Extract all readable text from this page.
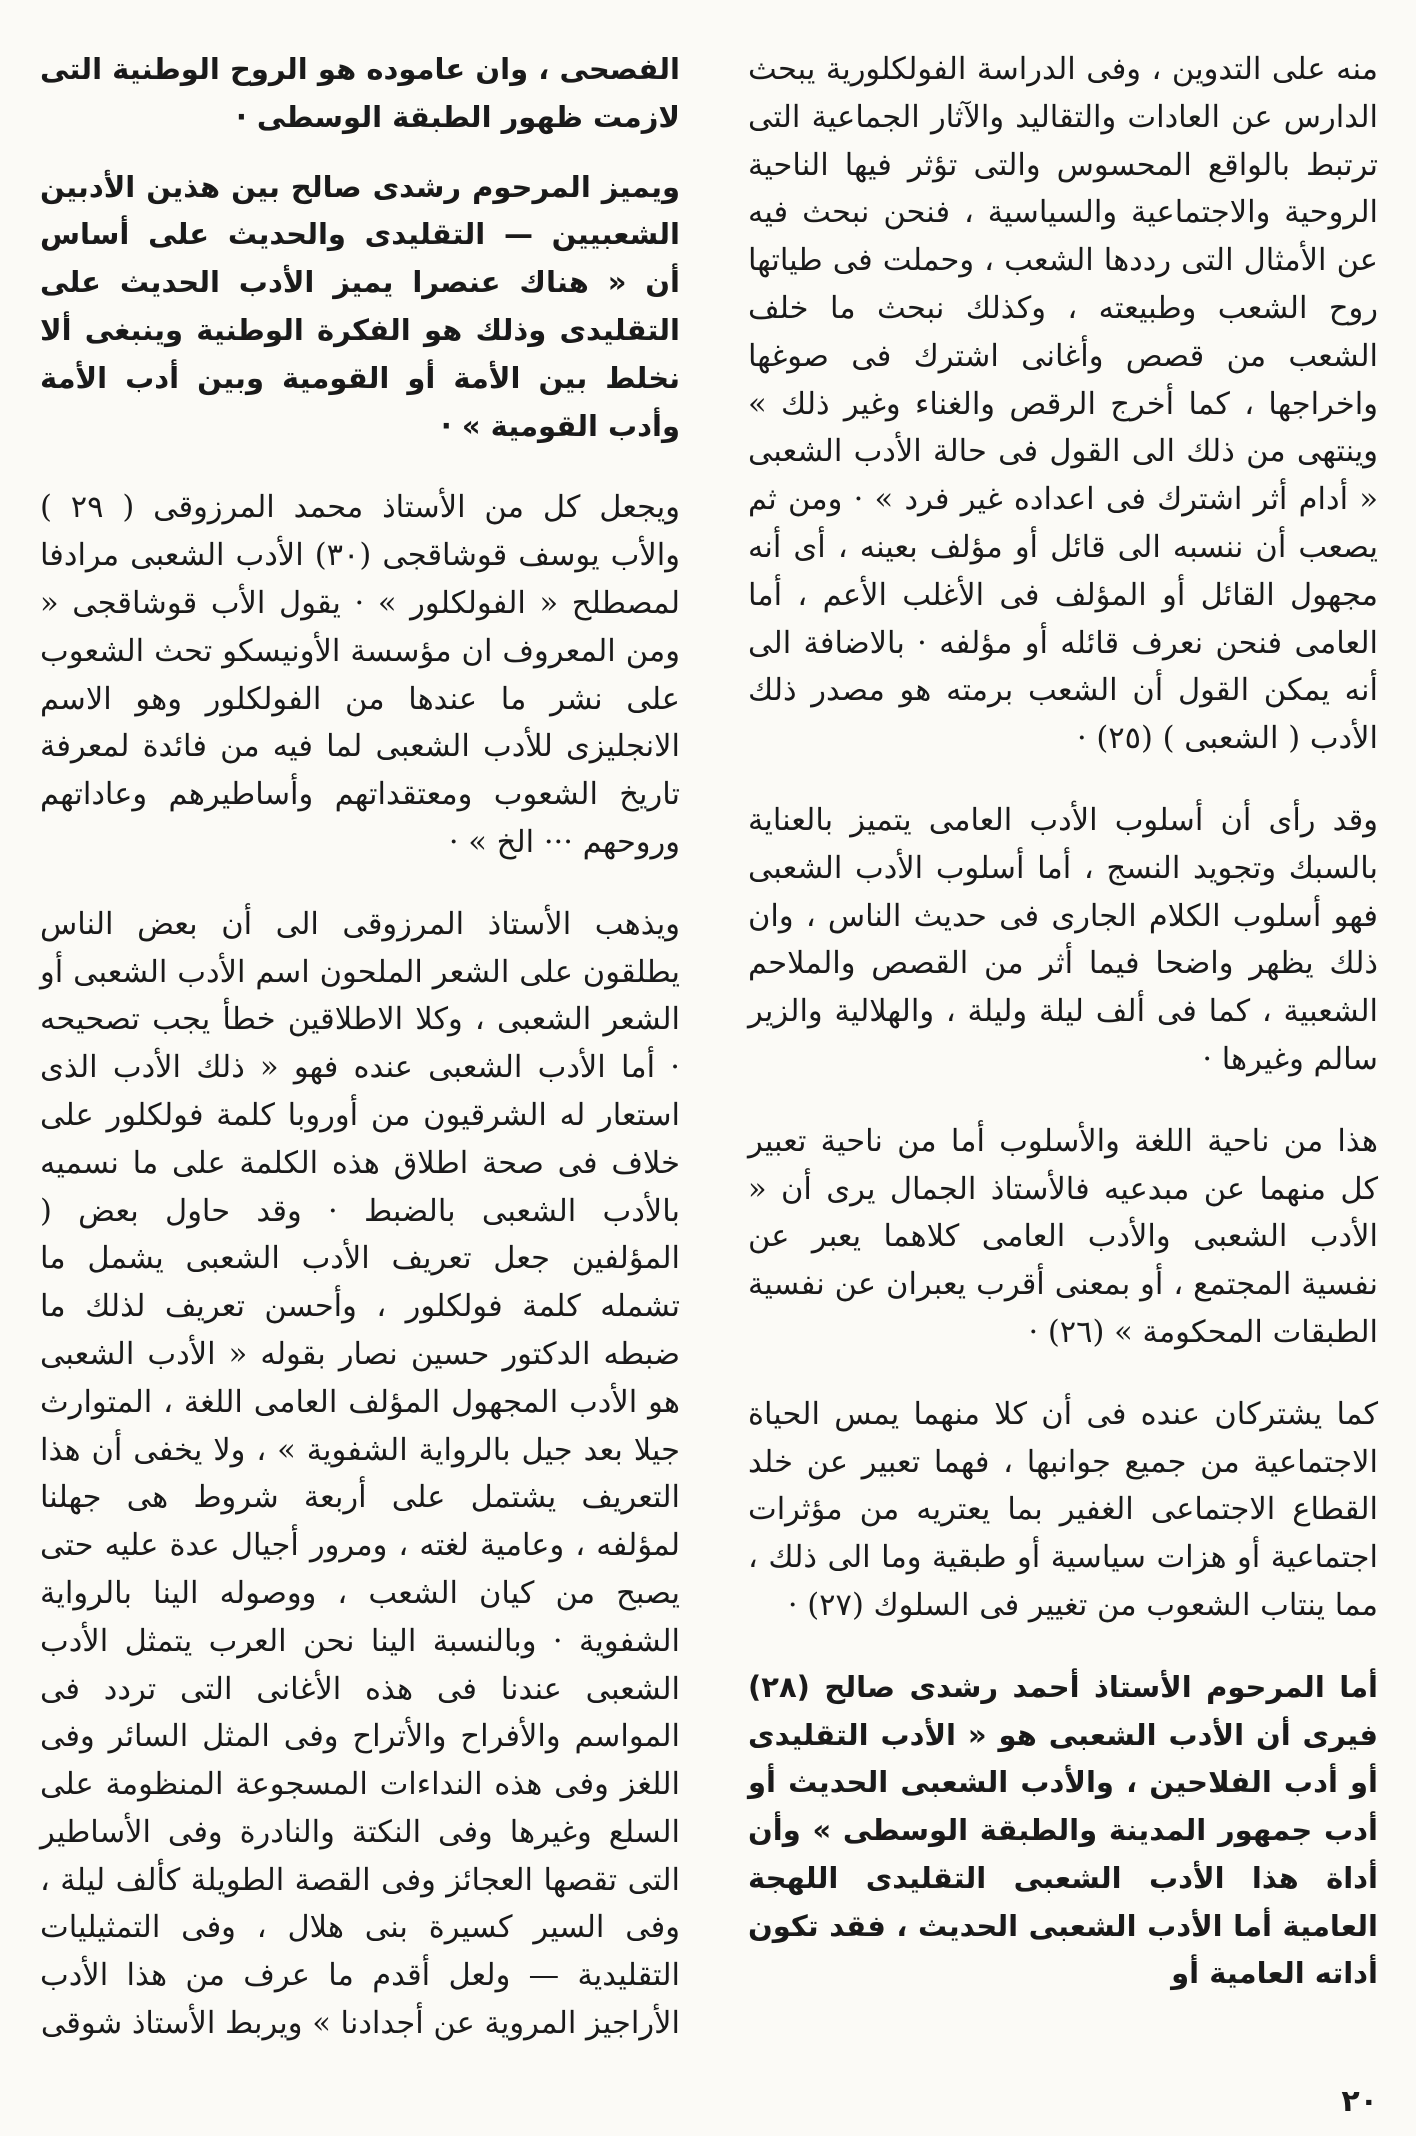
منه على التدوين ، وفى الدراسة الفولكلورية يبحث الدارس عن العادات والتقاليد والآثار الجماعية التى ترتبط بالواقع المحسوس والتى تؤثر فيها الناحية الروحية والاجتماعية والسياسية ، فنحن نبحث فيه عن الأمثال التى رددها الشعب ، وحملت فى طياتها روح الشعب وطبيعته ، وكذلك نبحث ما خلف الشعب من قصص وأغانى اشترك فى صوغها واخراجها ، كما أخرج الرقص والغناء وغير ذلك » وينتهى من ذلك الى القول فى حالة الأدب الشعبى « أدام أثر اشترك فى اعداده غير فرد » · ومن ثم يصعب أن ننسبه الى قائل أو مؤلف بعينه ، أى أنه مجهول القائل أو المؤلف فى الأغلب الأعم ، أما العامى فنحن نعرف قائله أو مؤلفه · بالاضافة الى أنه يمكن القول أن الشعب برمته هو مصدر ذلك الأدب ( الشعبى ) (٢٥) ·

وقد رأى أن أسلوب الأدب العامى يتميز بالعناية بالسبك وتجويد النسج ، أما أسلوب الأدب الشعبى فهو أسلوب الكلام الجارى فى حديث الناس ، وان ذلك يظهر واضحا فيما أثر من القصص والملاحم الشعبية ، كما فى ألف ليلة وليلة ، والهلالية والزير سالم وغيرها ·

هذا من ناحية اللغة والأسلوب أما من ناحية تعبير كل منهما عن مبدعيه فالأستاذ الجمال يرى أن « الأدب الشعبى والأدب العامى كلاهما يعبر عن نفسية المجتمع ، أو بمعنى أقرب يعبران عن نفسية الطبقات المحكومة » (٢٦) ·

كما يشتركان عنده فى أن كلا منهما يمس الحياة الاجتماعية من جميع جوانبها ، فهما تعبير عن خلد القطاع الاجتماعى الغفير بما يعتريه من مؤثرات اجتماعية أو هزات سياسية أو طبقية وما الى ذلك ، مما ينتاب الشعوب من تغيير فى السلوك (٢٧) ·

أما المرحوم الأستاذ أحمد رشدى صالح (٢٨) فيرى أن الأدب الشعبى هو « الأدب التقليدى أو أدب الفلاحين ، والأدب الشعبى الحديث أو أدب جمهور المدينة والطبقة الوسطى » وأن أداة هذا الأدب الشعبى التقليدى اللهجة العامية أما الأدب الشعبى الحديث ، فقد تكون أداته العامية أو

الفصحى ، وان عاموده هو الروح الوطنية التى لازمت ظهور الطبقة الوسطى ·

ويميز المرحوم رشدى صالح بين هذين الأدبين الشعبيين — التقليدى والحديث على أساس أن « هناك عنصرا يميز الأدب الحديث على التقليدى وذلك هو الفكرة الوطنية وينبغى ألا نخلط بين الأمة أو القومية وبين أدب الأمة وأدب القومية » ·

ويجعل كل من الأستاذ محمد المرزوقى ( ٢٩ ) والأب يوسف قوشاقجى (٣٠) الأدب الشعبى مرادفا لمصطلح « الفولكلور » · يقول الأب قوشاقجى « ومن المعروف ان مؤسسة الأونيسكو تحث الشعوب على نشر ما عندها من الفولكلور وهو الاسم الانجليزى للأدب الشعبى لما فيه من فائدة لمعرفة تاريخ الشعوب ومعتقداتهم وأساطيرهم وعاداتهم وروحهم ··· الخ » ·

ويذهب الأستاذ المرزوقى الى أن بعض الناس يطلقون على الشعر الملحون اسم الأدب الشعبى أو الشعر الشعبى ، وكلا الاطلاقين خطأ يجب تصحيحه · أما الأدب الشعبى عنده فهو « ذلك الأدب الذى استعار له الشرقيون من أوروبا كلمة فولكلور على خلاف فى صحة اطلاق هذه الكلمة على ما نسميه بالأدب الشعبى بالضبط · وقد حاول بعض ( المؤلفين جعل تعريف الأدب الشعبى يشمل ما تشمله كلمة فولكلور ، وأحسن تعريف لذلك ما ضبطه الدكتور حسين نصار بقوله « الأدب الشعبى هو الأدب المجهول المؤلف العامى اللغة ، المتوارث جيلا بعد جيل بالرواية الشفوية » ، ولا يخفى أن هذا التعريف يشتمل على أربعة شروط هى جهلنا لمؤلفه ، وعامية لغته ، ومرور أجيال عدة عليه حتى يصبح من كيان الشعب ، ووصوله الينا بالرواية الشفوية · وبالنسبة الينا نحن العرب يتمثل الأدب الشعبى عندنا فى هذه الأغانى التى تردد فى المواسم والأفراح والأتراح وفى المثل السائر وفى اللغز وفى هذه النداءات المسجوعة المنظومة على السلع وغيرها وفى النكتة والنادرة وفى الأساطير التى تقصها العجائز وفى القصة الطويلة كألف ليلة ، وفى السير كسيرة بنى هلال ، وفى التمثيليات التقليدية — ولعل أقدم ما عرف من هذا الأدب الأراجيز المروية عن أجدادنا » ويربط الأستاذ شوقى

٢٠
